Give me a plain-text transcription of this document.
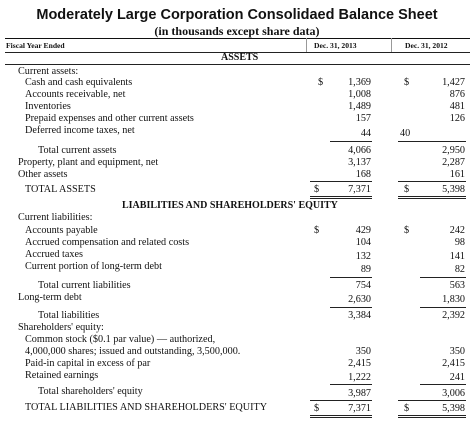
Moderately Large Corporation Consolidaed Balance Sheet
(in thousands except share data)
Fiscal Year Ended	Dec. 31, 2013	Dec. 31, 2012
ASSETS
LIABILITIES AND SHAREHOLDERS' EQUITY
Current assets:
Cash and cash equivalents	$	1,369	$	1,427
Accounts receivable, net	1,008	876
Inventories	1,489	481
Prepaid expenses and other current assets	157	126
Deferred income taxes, net	44	40
Total current assets	4,066	2,950
Property, plant and equipment, net	3,137	2,287
Other assets	168	161
TOTAL ASSETS	$	7,371	$	5,398
Current liabilities:
Accounts payable	$	429	$	242
Accrued compensation and related costs	104	98
Accrued taxes	132	141
Current portion of long-term debt	89	82
Total current liabilities	754	563
Long-term debt	2,630	1,830
Total liabilities	3,384	2,392
Shareholders' equity:
Common stock ($0.1 par value) — authorized,
4,000,000 shares; issued and outstanding, 3,500,000.	350	350
Paid-in capital in excess of par	2,415	2,415
Retained earnings	1,222	241
Total shareholders' equity	3,987	3,006
TOTAL LIABILITIES AND SHAREHOLDERS' EQUITY	$	7,371	$	5,398
